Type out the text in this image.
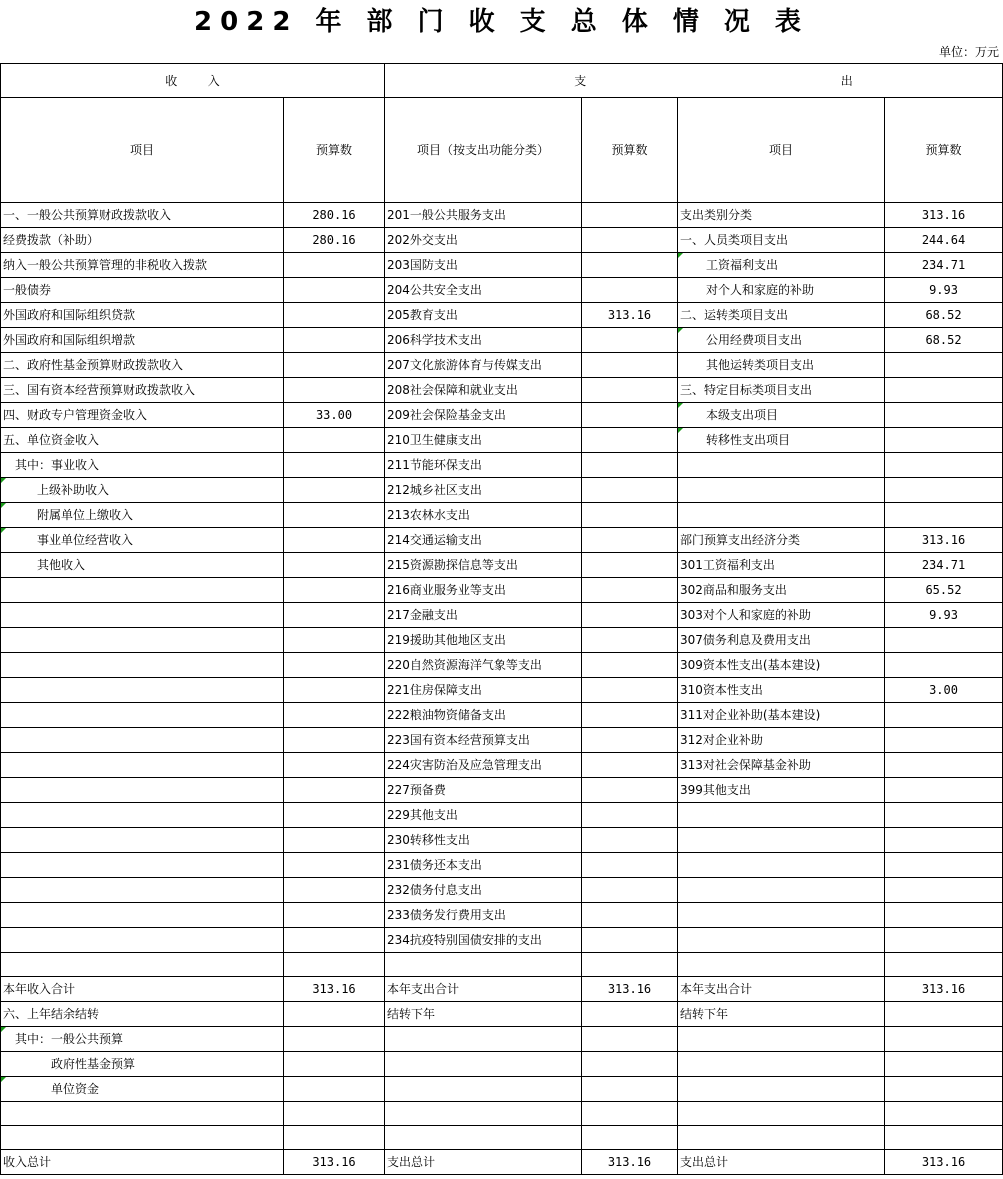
2022 年 部 门 收 支 总 体 情 况 表
单位：万元
收        入		支 出			

项目	预算数	项目（按支出功能分类）	预算数	项目	预算数
一、一般公共预算财政拨款收入	280.16	201一般公共服务支出		支出类别分类	313.16
经费拨款（补助）	280.16	202外交支出		一、人员类项目支出	244.64
纳入一般公共预算管理的非税收入拨款		203国防支出		工资福利支出	234.71
一般债券		204公共安全支出		对个人和家庭的补助	9.93
外国政府和国际组织贷款		205教育支出	313.16	二、运转类项目支出	68.52
外国政府和国际组织增款		206科学技术支出		公用经费项目支出	68.52
二、政府性基金预算财政拨款收入		207文化旅游体育与传媒支出		其他运转类项目支出	
三、国有资本经营预算财政拨款收入		208社会保障和就业支出		三、特定目标类项目支出	
四、财政专户管理资金收入	33.00	209社会保险基金支出		本级支出项目	
五、单位资金收入		210卫生健康支出		转移性支出项目	
其中：事业收入		211节能环保支出			
上级补助收入		212城乡社区支出			
附属单位上缴收入		213农林水支出			
事业单位经营收入		214交通运输支出		部门预算支出经济分类	313.16
其他收入		215资源勘探信息等支出		301工资福利支出	234.71
		216商业服务业等支出		302商品和服务支出	65.52
		217金融支出		303对个人和家庭的补助	9.93
		219援助其他地区支出		307债务利息及费用支出	
		220自然资源海洋气象等支出		309资本性支出(基本建设)	
		221住房保障支出		310资本性支出	3.00
		222粮油物资储备支出		311对企业补助(基本建设)	
		223国有资本经营预算支出		312对企业补助	
		224灾害防治及应急管理支出		313对社会保障基金补助	
		227预备费		399其他支出	
		229其他支出			
		230转移性支出			
		231债务还本支出			
		232债务付息支出			
		233债务发行费用支出			
		234抗疫特别国债安排的支出			

本年收入合计	313.16	本年支出合计	313.16	本年支出合计	313.16
六、上年结余结转		结转下年		结转下年	
其中：一般公共预算					
政府性基金预算					
单位资金					

收入总计	313.16	支出总计	313.16	支出总计	313.16
